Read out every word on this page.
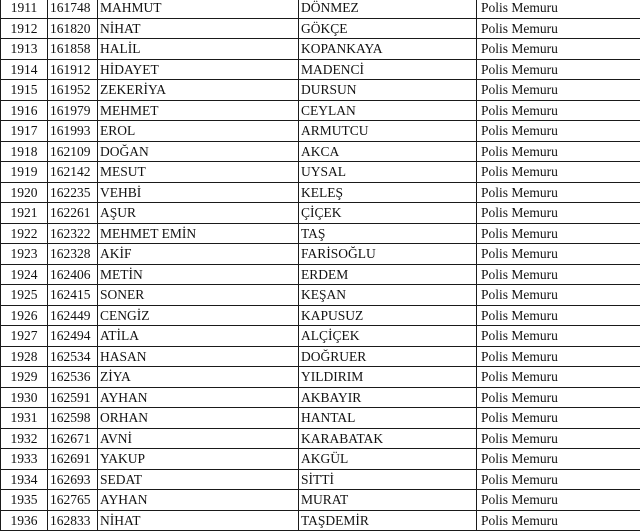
1911	161748	MAHMUT	DÖNMEZ	Polis Memuru
1912	161820	NİHAT	GÖKÇE	Polis Memuru
1913	161858	HALİL	KOPANKAYA	Polis Memuru
1914	161912	HİDAYET	MADENCİ	Polis Memuru
1915	161952	ZEKERİYA	DURSUN	Polis Memuru
1916	161979	MEHMET	CEYLAN	Polis Memuru
1917	161993	EROL	ARMUTCU	Polis Memuru
1918	162109	DOĞAN	AKCA	Polis Memuru
1919	162142	MESUT	UYSAL	Polis Memuru
1920	162235	VEHBİ	KELEŞ	Polis Memuru
1921	162261	AŞUR	ÇİÇEK	Polis Memuru
1922	162322	MEHMET EMİN	TAŞ	Polis Memuru
1923	162328	AKİF	FARİSOĞLU	Polis Memuru
1924	162406	METİN	ERDEM	Polis Memuru
1925	162415	SONER	KEŞAN	Polis Memuru
1926	162449	CENGİZ	KAPUSUZ	Polis Memuru
1927	162494	ATİLA	ALÇİÇEK	Polis Memuru
1928	162534	HASAN	DOĞRUER	Polis Memuru
1929	162536	ZİYA	YILDIRIM	Polis Memuru
1930	162591	AYHAN	AKBAYIR	Polis Memuru
1931	162598	ORHAN	HANTAL	Polis Memuru
1932	162671	AVNİ	KARABATAK	Polis Memuru
1933	162691	YAKUP	AKGÜL	Polis Memuru
1934	162693	SEDAT	SİTTİ	Polis Memuru
1935	162765	AYHAN	MURAT	Polis Memuru
1936	162833	NİHAT	TAŞDEMİR	Polis Memuru
